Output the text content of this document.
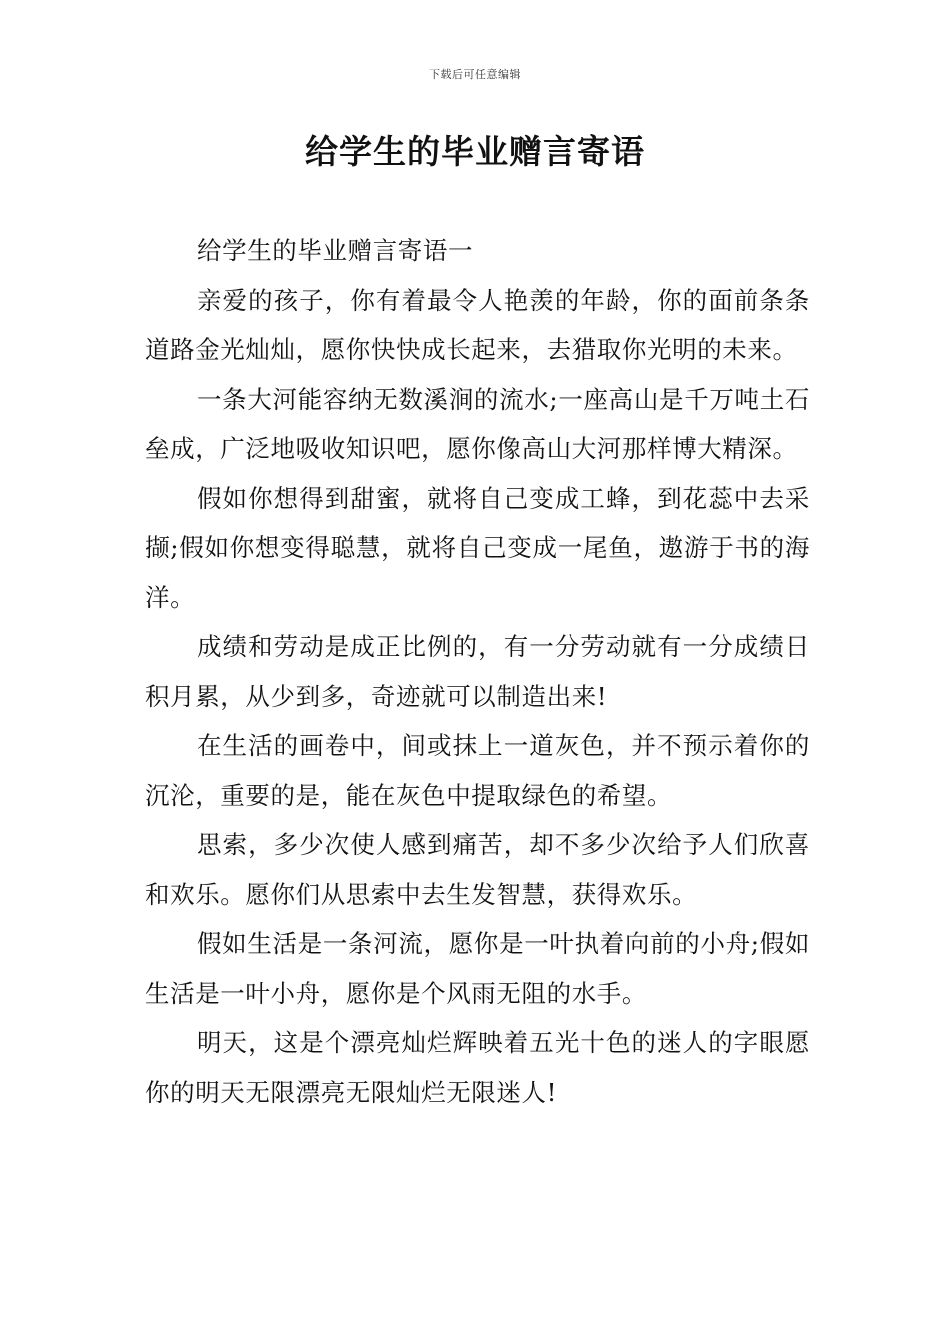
下载后可任意编辑
给学生的毕业赠言寄语

给学生的毕业赠言寄语一

亲爱的孩子，你有着最令人艳羡的年龄，你的面前条条道路金光灿灿，愿你快快成长起来，去猎取你光明的未来。

一条大河能容纳无数溪涧的流水;一座高山是千万吨土石垒成，广泛地吸收知识吧，愿你像高山大河那样博大精深。

假如你想得到甜蜜，就将自己变成工蜂，到花蕊中去采撷;假如你想变得聪慧，就将自己变成一尾鱼，遨游于书的海洋。

成绩和劳动是成正比例的，有一分劳动就有一分成绩日积月累，从少到多，奇迹就可以制造出来!

在生活的画卷中，间或抹上一道灰色，并不预示着你的沉沦，重要的是，能在灰色中提取绿色的希望。

思索，多少次使人感到痛苦，却不多少次给予人们欣喜和欢乐。愿你们从思索中去生发智慧，获得欢乐。

假如生活是一条河流，愿你是一叶执着向前的小舟;假如生活是一叶小舟，愿你是个风雨无阻的水手。

明天，这是个漂亮灿烂辉映着五光十色的迷人的字眼愿你的明天无限漂亮无限灿烂无限迷人!
